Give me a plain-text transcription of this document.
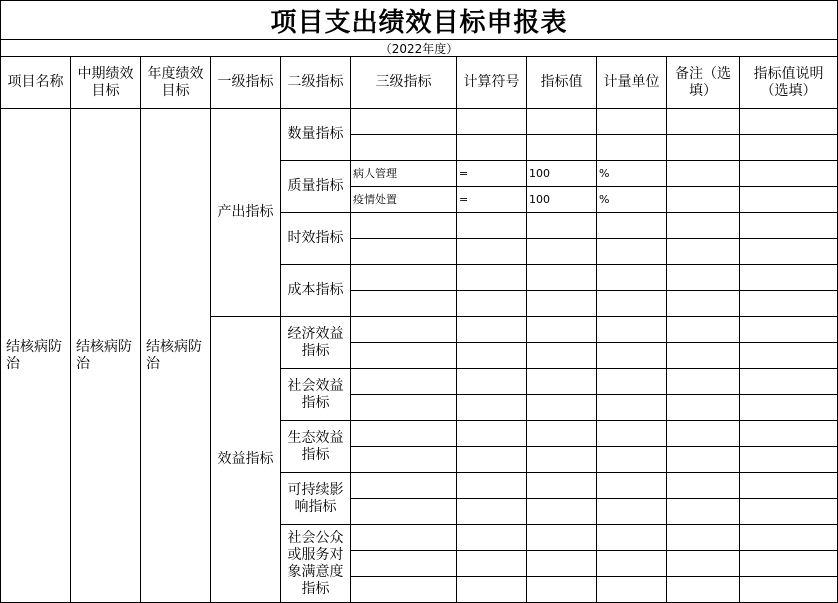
项目支出绩效目标申报表
（2022年度）
项目名称	中期绩效目标	年度绩效目标	一级指标	二级指标	三级指标	计算符号	指标值	计量单位	备注（选填）	指标值说明（选填）
结核病防治	结核病防治	结核病防治	产出指标	数量指标						

				质量指标	病人管理	=	100	%		
					疫情处置	=	100	%		
				时效指标						

				成本指标						

			效益指标	经济效益指标						

				社会效益指标						

				生态效益指标						

				可持续影响指标						

				社会公众或服务对象满意度指标						
